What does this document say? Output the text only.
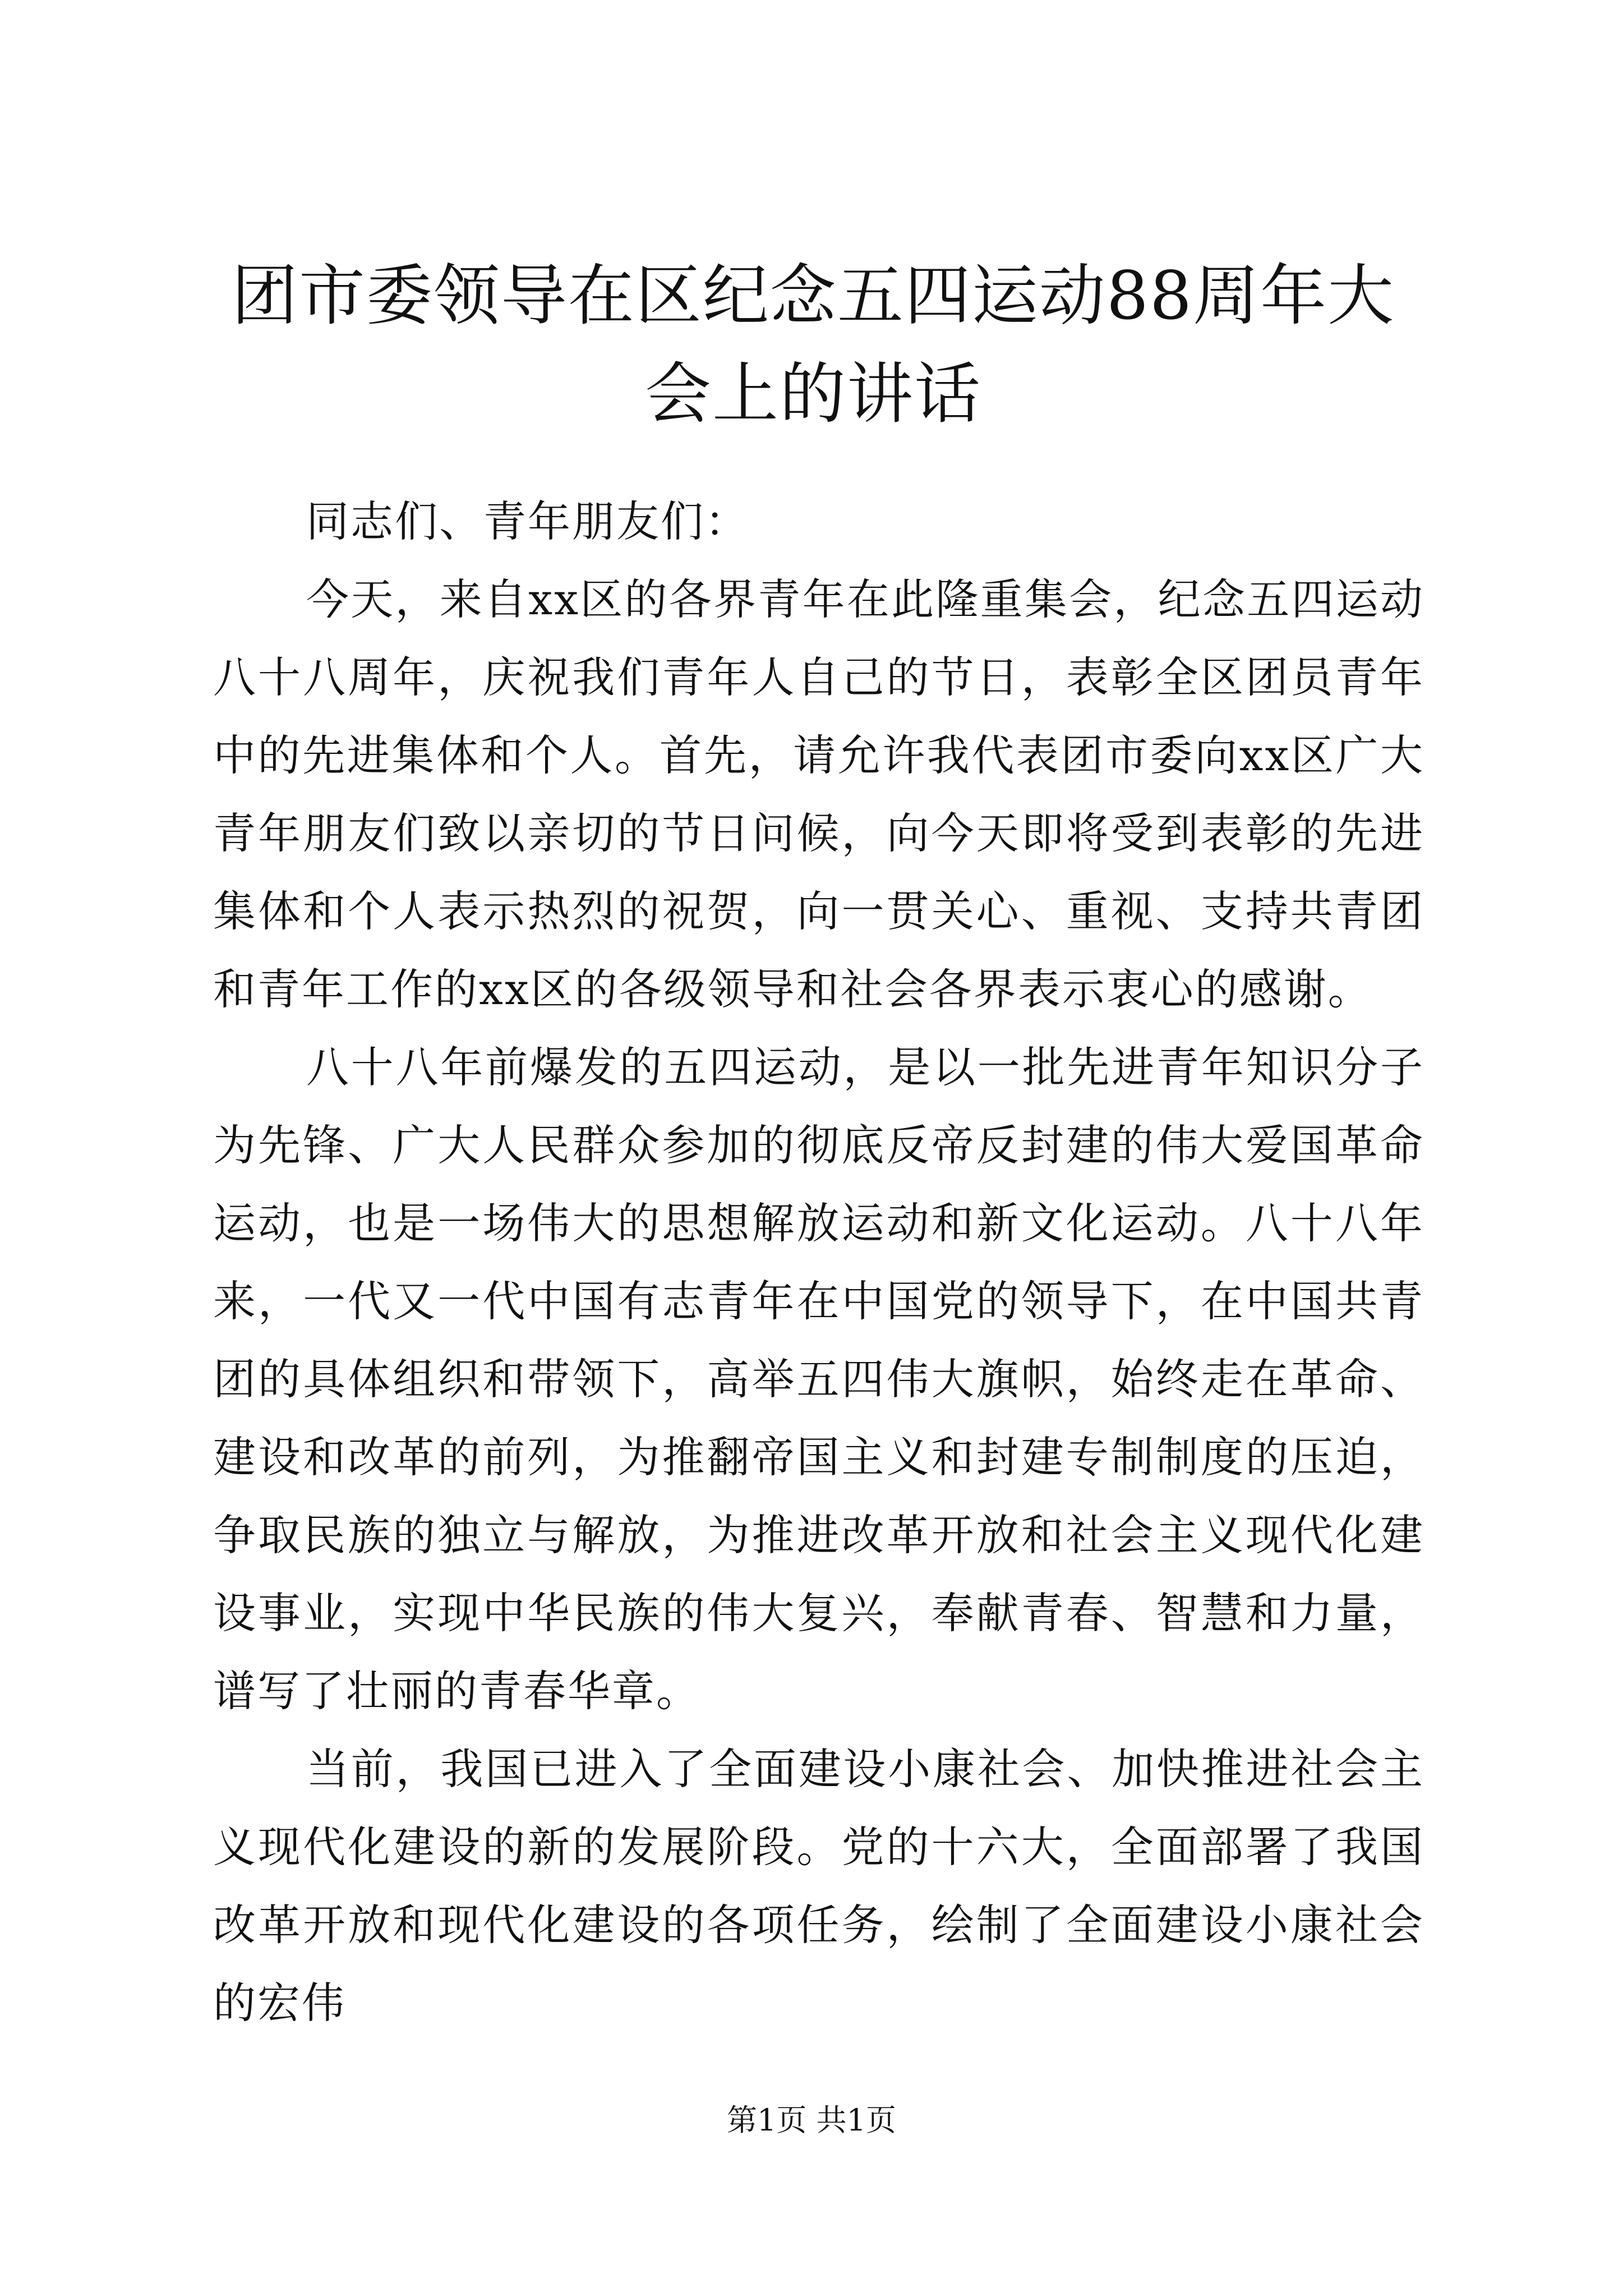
团市委领导在区纪念五四运动88周年大会上的讲话

同志们、青年朋友们：

今天，来自xx区的各界青年在此隆重集会，纪念五四运动八十八周年，庆祝我们青年人自己的节日，表彰全区团员青年中的先进集体和个人。首先，请允许我代表团市委向xx区广大青年朋友们致以亲切的节日问候，向今天即将受到表彰的先进集体和个人表示热烈的祝贺，向一贯关心、重视、支持共青团和青年工作的xx区的各级领导和社会各界表示衷心的感谢。

八十八年前爆发的五四运动，是以一批先进青年知识分子为先锋、广大人民群众参加的彻底反帝反封建的伟大爱国革命运动，也是一场伟大的思想解放运动和新文化运动。八十八年来，一代又一代中国有志青年在中国党的领导下，在中国共青团的具体组织和带领下，高举五四伟大旗帜，始终走在革命、建设和改革的前列，为推翻帝国主义和封建专制制度的压迫，争取民族的独立与解放，为推进改革开放和社会主义现代化建设事业，实现中华民族的伟大复兴，奉献青春、智慧和力量，谱写了壮丽的青春华章。

当前，我国已进入了全面建设小康社会、加快推进社会主义现代化建设的新的发展阶段。党的十六大，全面部署了我国改革开放和现代化建设的各项任务，绘制了全面建设小康社会的宏伟

第1页 共1页
